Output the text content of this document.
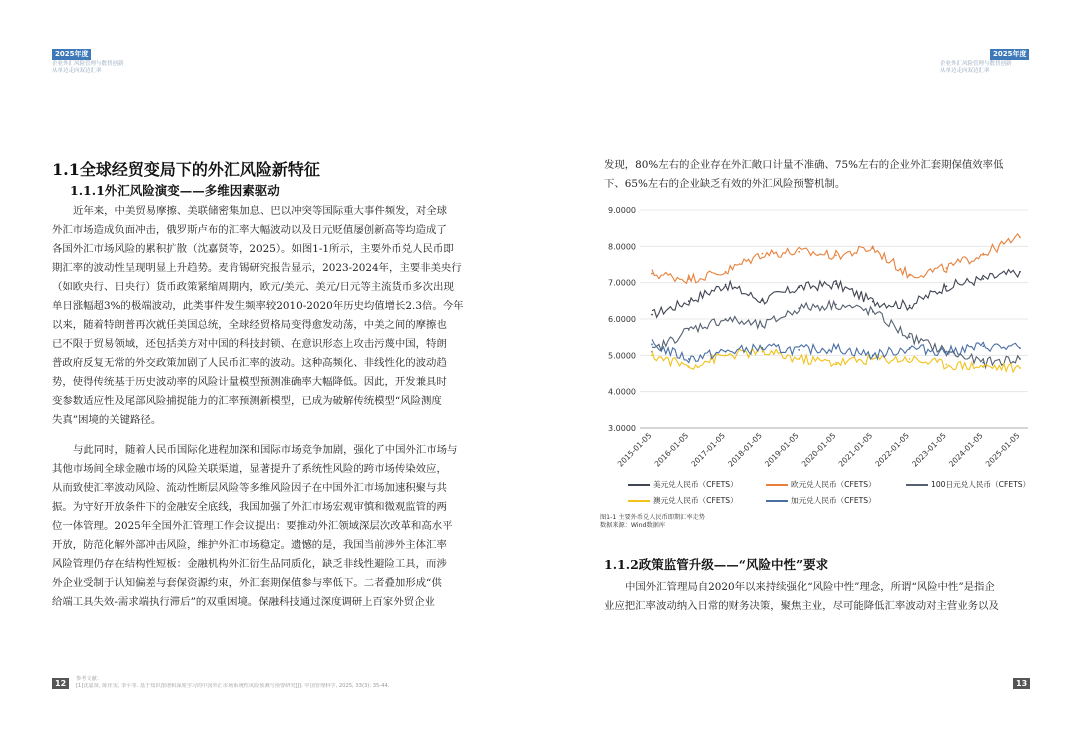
2025年度
企业外汇风险管理与数智创新
从单边走向双边汇率
2025年度
企业外汇风险管理与数智创新
从单边走向双边汇率
1.1全球经贸变局下的外汇风险新特征
1.1.1外汇风险演变——多维因素驱动
近年来，中美贸易摩擦、美联储密集加息、巴以冲突等国际重大事件频发，对全球
外汇市场造成负面冲击，俄罗斯卢布的汇率大幅波动以及日元贬值屡创新高等均造成了
各国外汇市场风险的累积扩散（沈嘉贤等，2025）。如图1-1所示，主要外币兑人民币即
期汇率的波动性呈现明显上升趋势。麦肯锡研究报告显示，2023-2024年，主要非美央行
（如欧央行、日央行）货币政策紧缩周期内，欧元/美元、美元/日元等主流货币多次出现
单日涨幅超3%的极端波动，此类事件发生频率较2010-2020年历史均值增长2.3倍。今年
以来，随着特朗普再次就任美国总统，全球经贸格局变得愈发动荡，中美之间的摩擦也
已不限于贸易领域，还包括美方对中国的科技封锁、在意识形态上攻击污蔑中国，特朗
普政府反复无常的外交政策加剧了人民币汇率的波动。这种高频化、非线性化的波动趋
势，使得传统基于历史波动率的风险计量模型预测准确率大幅降低。因此，开发兼具时
变参数适应性及尾部风险捕捉能力的汇率预测新模型，已成为破解传统模型“风险测度
失真”困境的关键路径。
与此同时，随着人民币国际化进程加深和国际市场竞争加剧，强化了中国外汇市场与
其他市场间全球金融市场的风险关联渠道，显著提升了系统性风险的跨市场传染效应，
从而致使汇率波动风险、流动性断层风险等多维风险因子在中国外汇市场加速积聚与共
振。为守好开放条件下的金融安全底线，我国加强了外汇市场宏观审慎和微观监管的两
位一体管理。2025年全国外汇管理工作会议提出：要推动外汇领域深层次改革和高水平
开放，防范化解外部冲击风险，维护外汇市场稳定。遗憾的是，我国当前涉外主体汇率
风险管理仍存在结构性短板：金融机构外汇衍生品同质化，缺乏非线性避险工具，而涉
外企业受制于认知偏差与套保资源约束，外汇套期保值参与率低下。二者叠加形成“供
给端工具失效-需求端执行滞后”的双重困境。保融科技通过深度调研上百家外贸企业
12	参考文献：
[1]沈嘉贤, 陈佳雯, 李平等. 基于知识图谱和深度学习的中国外汇市场系统性风险预测与预警研究[J]. 中国管理科学, 2025, 33(3): 35-44.
发现，80%左右的企业存在外汇敞口计量不准确、75%左右的企业外汇套期保值效率低
下、65%左右的企业缺乏有效的外汇风险预警机制。
3.0000
4.0000
5.0000
6.0000
7.0000
8.0000
9.0000
2015-01-05 2016-01-05 2017-01-05 2018-01-05 2019-01-05 2020-01-05 2021-01-05 2022-01-05 2023-01-05 2024-01-05 2025-01-05
美元兑人民币（CFETS）	欧元兑人民币（CFETS）	100日元兑人民币（CFETS）
澳元兑人民币（CFETS）	加元兑人民币（CFETS）
图1-1 主要外币兑人民币即期汇率走势
数据来源：Wind数据库
1.1.2政策监管升级——“风险中性”要求
中国外汇管理局自2020年以来持续强化“风险中性”理念，所谓“风险中性”是指企
业应把汇率波动纳入日常的财务决策，聚焦主业，尽可能降低汇率波动对主营业务以及
13
